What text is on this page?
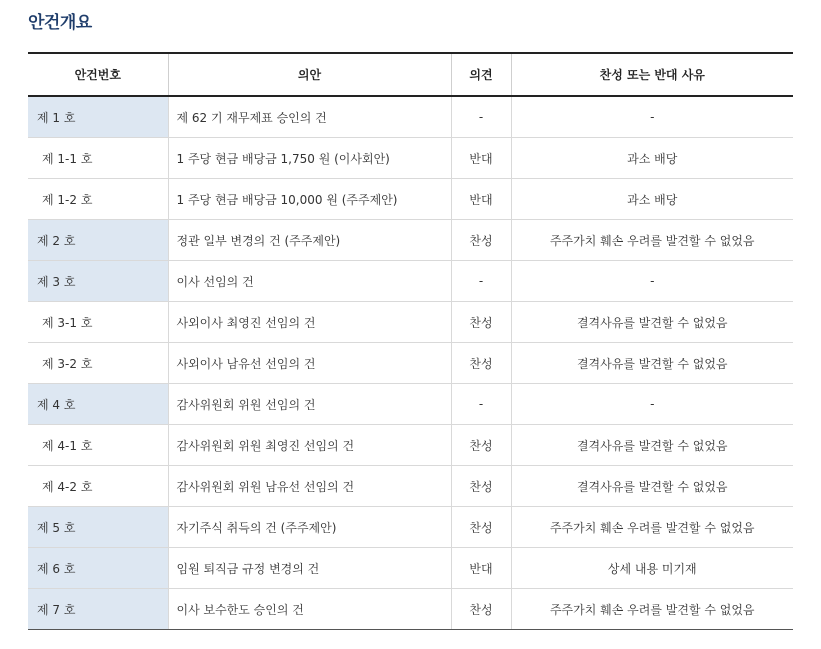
안건개요
안건번호	의안	의견	찬성 또는 반대 사유
제 1 호	제 62 기 재무제표 승인의 건	-	-
제 1-1 호	1 주당 현금 배당금 1,750 원 (이사회안)	반대	과소 배당
제 1-2 호	1 주당 현금 배당금 10,000 원 (주주제안)	반대	과소 배당
제 2 호	정관 일부 변경의 건 (주주제안)	찬성	주주가치 훼손 우려를 발견할 수 없었음
제 3 호	이사 선임의 건	-	-
제 3-1 호	사외이사 최영진 선임의 건	찬성	결격사유를 발견할 수 없었음
제 3-2 호	사외이사 남유선 선임의 건	찬성	결격사유를 발견할 수 없었음
제 4 호	감사위원회 위원 선임의 건	-	-
제 4-1 호	감사위원회 위원 최영진 선임의 건	찬성	결격사유를 발견할 수 없었음
제 4-2 호	감사위원회 위원 남유선 선임의 건	찬성	결격사유를 발견할 수 없었음
제 5 호	자기주식 취득의 건 (주주제안)	찬성	주주가치 훼손 우려를 발견할 수 없었음
제 6 호	임원 퇴직금 규정 변경의 건	반대	상세 내용 미기재
제 7 호	이사 보수한도 승인의 건	찬성	주주가치 훼손 우려를 발견할 수 없었음
